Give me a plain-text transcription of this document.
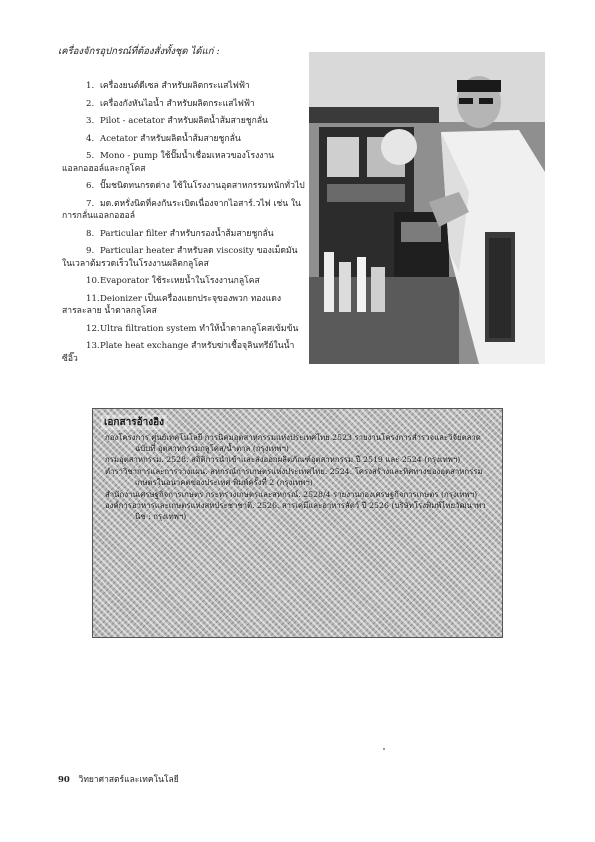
เครื่องจักรอุปกรณ์ที่ต้องสั่งทั้งชุด ได้แก่ :
1. เครื่องยนต์ดีเซล สำหรับผลิตกระแสไฟฟ้า
2. เครื่องกังหันไอน้ำ สำหรับผลิตกระแสไฟฟ้า
3. Pilot - acetator สำหรับผลิตน้ำส้มสายชูกลั่น
4. Acetator สำหรับผลิตน้ำส้มสายชูกลั่น
5. Mono - pump ใช้ปั๊มน้ำเชื่อมเหลวของโรงงานแอลกอฮอล์และกลูโคส
6. ปั๊มชนิดทนกรดด่าง ใช้ในโรงงานอุตสาหกรรมหนักทั่วไป
7. มด.ตหรั่งนิตที่คงกันระเบิดเนื่องจากไอสาร์.วไฟ เช่น ในการกลั่นแอลกอฮอล์
8. Particular filter สำหรับกรองน้ำส้มสายชูกลั่น
9. Particular heater สำหรับลด viscosity ของเม็ดมันในเวลาต้มรวดเร็วในโรงงานผลิตกลูโคส
10.Evaporator ใช้ระเหยน้ำในโรงงานกลูโคส
11.Deionizer เป็นเครื่องแยกประจุของพวก ทองแดง สารละลาย น้ำตาลกลูโคส
12.Ultra filtration system ทำให้น้ำตาลกลูโคสเข้มข้น
13.Plate heat exchange สำหรับฆ่าเชื้อจุลินทรีย์ในน้ำซีอิ๊ว
เอกสารอ้างอิง
กองโครงการ ศูนย์เทคโนโลยี การนิคมอุตสาหกรรมแห่งประเทศไทย 2523 รายงานโครงการสำรวจและวิจัยตลาด ฉบับที่ อุตสาหกรรมกลูโคส/น้ำตาล (กรุงเทพฯ)
กรมอุตสาหกรรม. 2528. สถิติการนำเข้าและส่งออกผลิตภัณฑ์อุตสาหกรรม ปี 2519 และ 2524 (กรุงเทพฯ)
ตำราวิชาการและการวางแผน. สหกรณ์การเกษตรแห่งประเทศไทย. 2524. โครงสร้างและทิศทางของอุตสาหกรรมเกษตรในอนาคตของประเทศ พิมพ์ครั้งที่ 2 (กรุงเทพฯ)
สำนักงานเศรษฐกิจการเกษตร กระทรวงเกษตรและสหกรณ์. 2528/4 รายงานกองเศรษฐกิจการเกษตร (กรุงเทพฯ)
องค์การอาหารและเกษตรแห่งสหประชาชาติ. 2526. สารเคมีและอาหารสัตว์ ปี 2526 (บริษัทโรงพิมพ์ไทยวัฒนาพานิช : กรุงเทพฯ)
90 วิทยาศาสตร์และเทคโนโลยี
